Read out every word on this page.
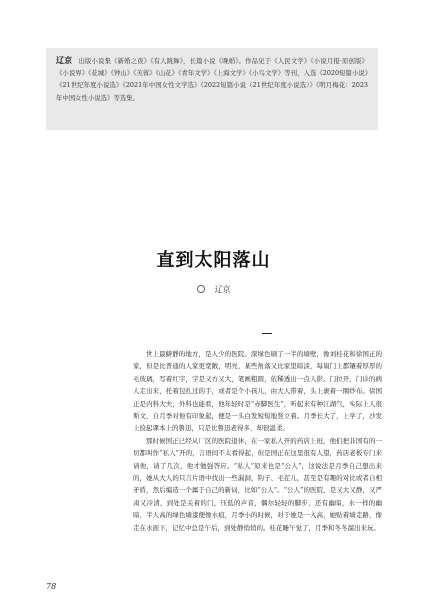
辽京 出版小说集《新婚之夜》《有人跳舞》，长篇小说《晚婚》。作品见于《人民文学》《小说月报·原创版》《小说界》《花城》《钟山》《芙蓉》《山花》《青年文学》《上海文学》《小鸟文学》等刊，入选《2020短篇小说》《21世纪年度小说选》《2021年中国女性文学选》《2022短篇小说（21世纪年度小说选）》《明月梅花：2023年中国女性小说选》等选集。
直到太阳落山
辽京

世上最僻静的地方，是人少的医院。深绿色刷了一半的墙壁，像刘桂花和徐国正的家，但是比普通的人家更宽敞、明亮，某些角落又比家里暗淡，每扇门上都镶着厚厚的毛玻璃，写着红字，字是又方又大，笔画粗圆，依稀透出一点人影。门拉开，门诊的病人走出来，托着包扎过的手，或者是个小孩儿，由大人带着，头上裹着一圈纱布。徐国正是内科大夫，外科也能看，他年轻时是“赤脚医生”，听起来有种江湖气，实际上人很斯文，自月季对他有印象起，便是一头白发短短地竖立着。月季长大了，上学了，沙发上捡起课本上的鲁迅，只是比鲁迅老得多，却很温柔。

那时候国正已经从厂区的医院退休，在一家私人开的药店上班，他们把非国有的一切都叫作“私人”开的，言语间不太看得起，但是国正在这里很有人望，药店老板专门来请他，请了几次，他才勉强答应。“私人”原来也是“公人”，这说法是月季自己想出来的，她从大人的只言片语中找出一些漏洞，钩子、毛茬儿，甚至是有趣的对比或者自相矛盾，然后编造一个属于自己的新词，比如“公人”。“公人”的医院，是又大又静，又严肃又冷清，到处是关着的门，压低的声音，偶尔轻轻的脚步，还有幽暗，水一样的幽暗，半人高的绿色墙漆便像水痕，月季小的时候，对于她是一入高，她贴着墙走路，像走在水面下，记忆中总是午后，到处静悄悄的。桂花睡午觉了，月季和冬冬溜出来玩。

78
